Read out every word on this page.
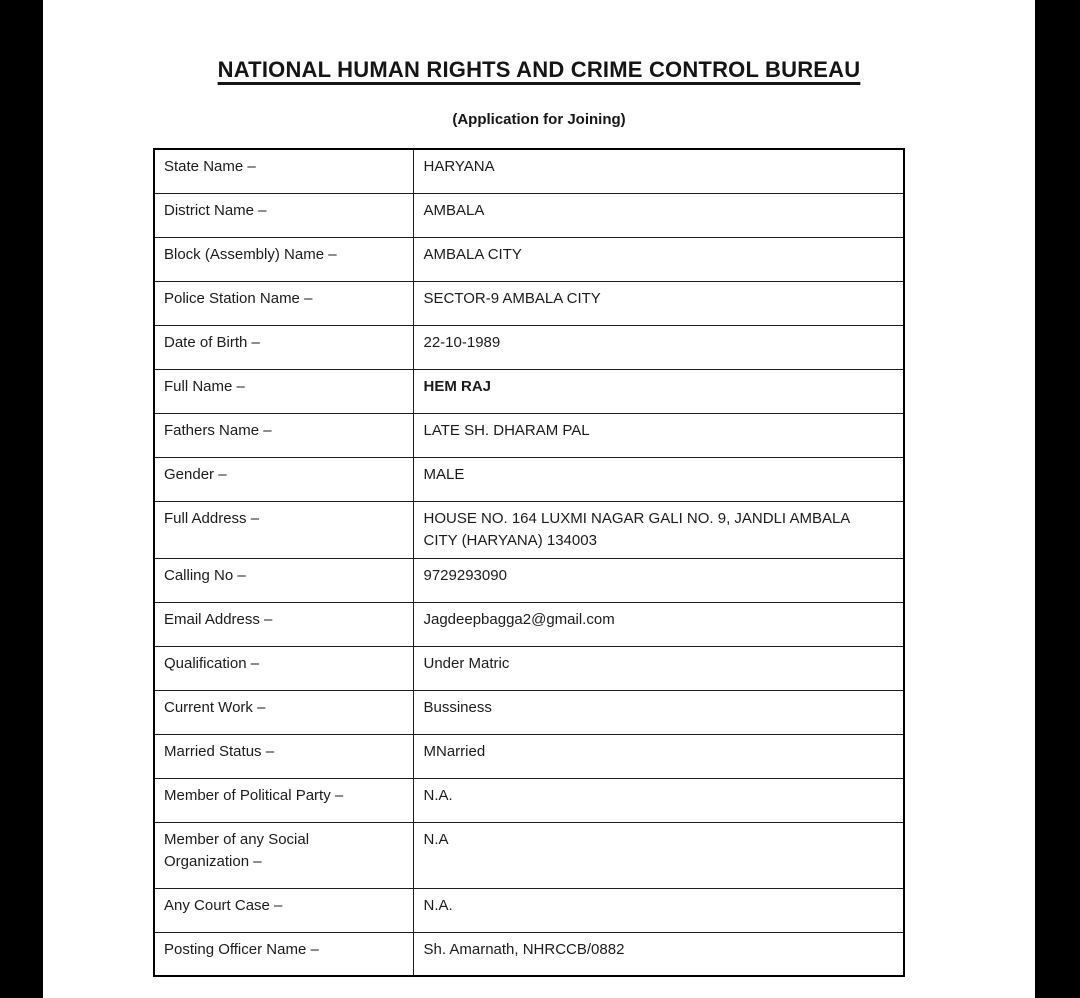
NATIONAL HUMAN RIGHTS AND CRIME CONTROL BUREAU
(Application for Joining)
State Name –	HARYANA
District Name –	AMBALA
Block (Assembly) Name –	AMBALA CITY
Police Station Name –	SECTOR-9 AMBALA CITY
Date of Birth –	22-10-1989
Full Name –	HEM RAJ
Fathers Name –	LATE SH. DHARAM PAL
Gender –	MALE
Full Address –	HOUSE NO. 164 LUXMI NAGAR GALI NO. 9, JANDLI AMBALA CITY (HARYANA) 134003
Calling No –	9729293090
Email Address –	Jagdeepbagga2@gmail.com
Qualification –	Under Matric
Current Work –	Bussiness
Married Status –	MNarried
Member of Political Party –	N.A.
Member of any Social Organization –	N.A
Any Court Case –	N.A.
Posting Officer Name –	Sh. Amarnath, NHRCCB/0882
